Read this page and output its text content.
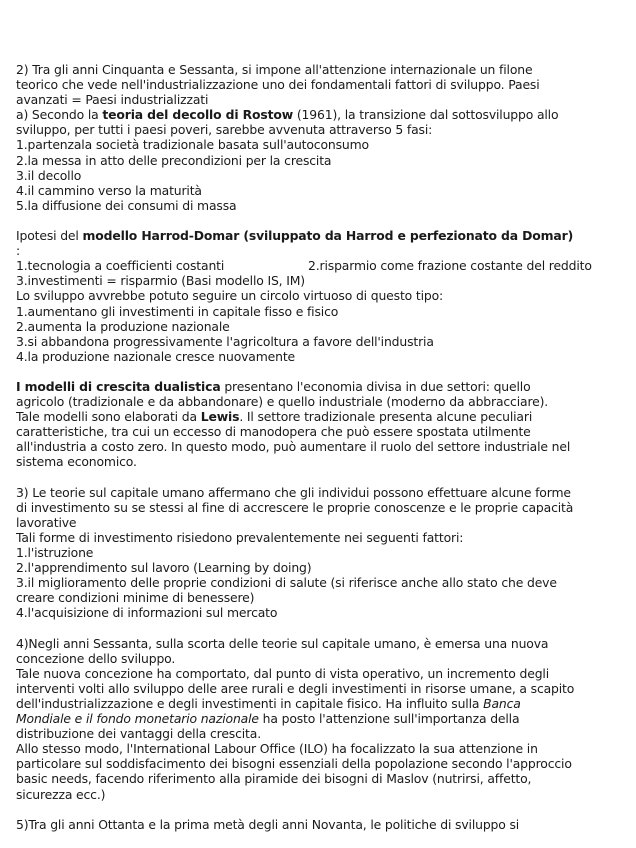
2) Tra gli anni Cinquanta e Sessanta, si impone all'attenzione internazionale un filone
teorico che vede nell'industrializzazione uno dei fondamentali fattori di sviluppo. Paesi
avanzati = Paesi industrializzati
a) Secondo la teoria del decollo di Rostow (1961), la transizione dal sottosviluppo allo
sviluppo, per tutti i paesi poveri, sarebbe avvenuta attraverso 5 fasi:
1.partenzala società tradizionale basata sull'autoconsumo
2.la messa in atto delle precondizioni per la crescita
3.il decollo
4.il cammino verso la maturità
5.la diffusione dei consumi di massa
Ipotesi del modello Harrod-Domar (sviluppato da Harrod e perfezionato da Domar)
:
1.tecnologia a coefficienti costanti	2.risparmio come frazione costante del reddito
3.investimenti = risparmio (Basi modello IS, IM)
Lo sviluppo avvrebbe potuto seguire un circolo virtuoso di questo tipo:
1.aumentano gli investimenti in capitale fisso e fisico
2.aumenta la produzione nazionale
3.si abbandona progressivamente l'agricoltura a favore dell'industria
4.la produzione nazionale cresce nuovamente
I modelli di crescita dualistica presentano l'economia divisa in due settori: quello
agricolo (tradizionale e da abbandonare) e quello industriale (moderno da abbracciare).
Tale modelli sono elaborati da Lewis. Il settore tradizionale presenta alcune peculiari
caratteristiche, tra cui un eccesso di manodopera che può essere spostata utilmente
all'industria a costo zero. In questo modo, può aumentare il ruolo del settore industriale nel
sistema economico.
3) Le teorie sul capitale umano affermano che gli individui possono effettuare alcune forme
di investimento su se stessi al fine di accrescere le proprie conoscenze e le proprie capacità
lavorative
Tali forme di investimento risiedono prevalentemente nei seguenti fattori:
1.l'istruzione
2.l'apprendimento sul lavoro (Learning by doing)
3.il miglioramento delle proprie condizioni di salute (si riferisce anche allo stato che deve
creare condizioni minime di benessere)
4.l'acquisizione di informazioni sul mercato
4)Negli anni Sessanta, sulla scorta delle teorie sul capitale umano, è emersa una nuova
concezione dello sviluppo.
Tale nuova concezione ha comportato, dal punto di vista operativo, un incremento degli
interventi volti allo sviluppo delle aree rurali e degli investimenti in risorse umane, a scapito
dell'industrializzazione e degli investimenti in capitale fisico. Ha influito sulla Banca
Mondiale e il fondo monetario nazionale ha posto l'attenzione sull'importanza della
distribuzione dei vantaggi della crescita.
Allo stesso modo, l'International Labour Office (ILO) ha focalizzato la sua attenzione in
particolare sul soddisfacimento dei bisogni essenziali della popolazione secondo l'approccio
basic needs, facendo riferimento alla piramide dei bisogni di Maslov (nutrirsi, affetto,
sicurezza ecc.)
5)Tra gli anni Ottanta e la prima metà degli anni Novanta, le politiche di sviluppo si
